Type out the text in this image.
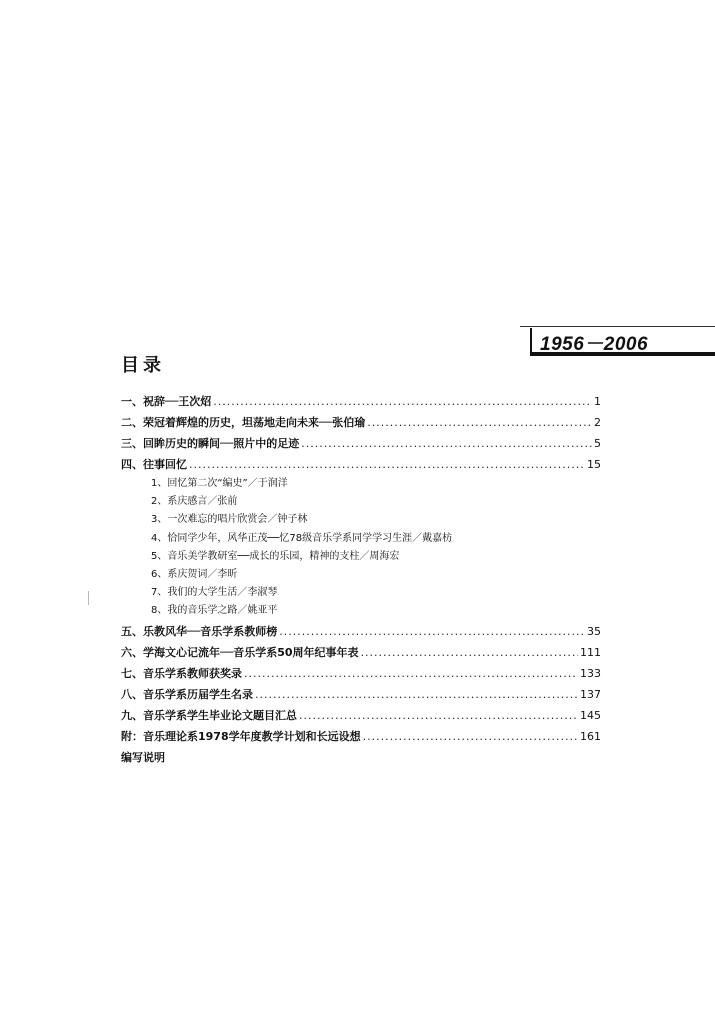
1956－2006
目录
一、祝辞──王次炤 .....	1
二、荣冠着辉煌的历史，坦荡地走向未来──张伯瑜 .....	2
三、回眸历史的瞬间──照片中的足迹 .....	5
四、往事回忆 .....	15
1、回忆第二次“编史”／于润洋
2、系庆感言／张前
3、一次难忘的唱片欣赏会／钟子林
4、恰同学少年，风华正茂──忆78级音乐学系同学学习生涯／戴嘉枋
5、音乐美学教研室──成长的乐园，精神的支柱／周海宏
6、系庆贺词／李昕
7、我们的大学生活／李淑琴
8、我的音乐学之路／姚亚平
五、乐教风华──音乐学系教师榜 .....	35
六、学海文心记流年──音乐学系50周年纪事年表 .....	111
七、音乐学系教师获奖录 .....	133
八、音乐学系历届学生名录 .....	137
九、音乐学系学生毕业论文题目汇总 .....	145
附：音乐理论系1978学年度教学计划和长远设想 .....	161
编写说明
